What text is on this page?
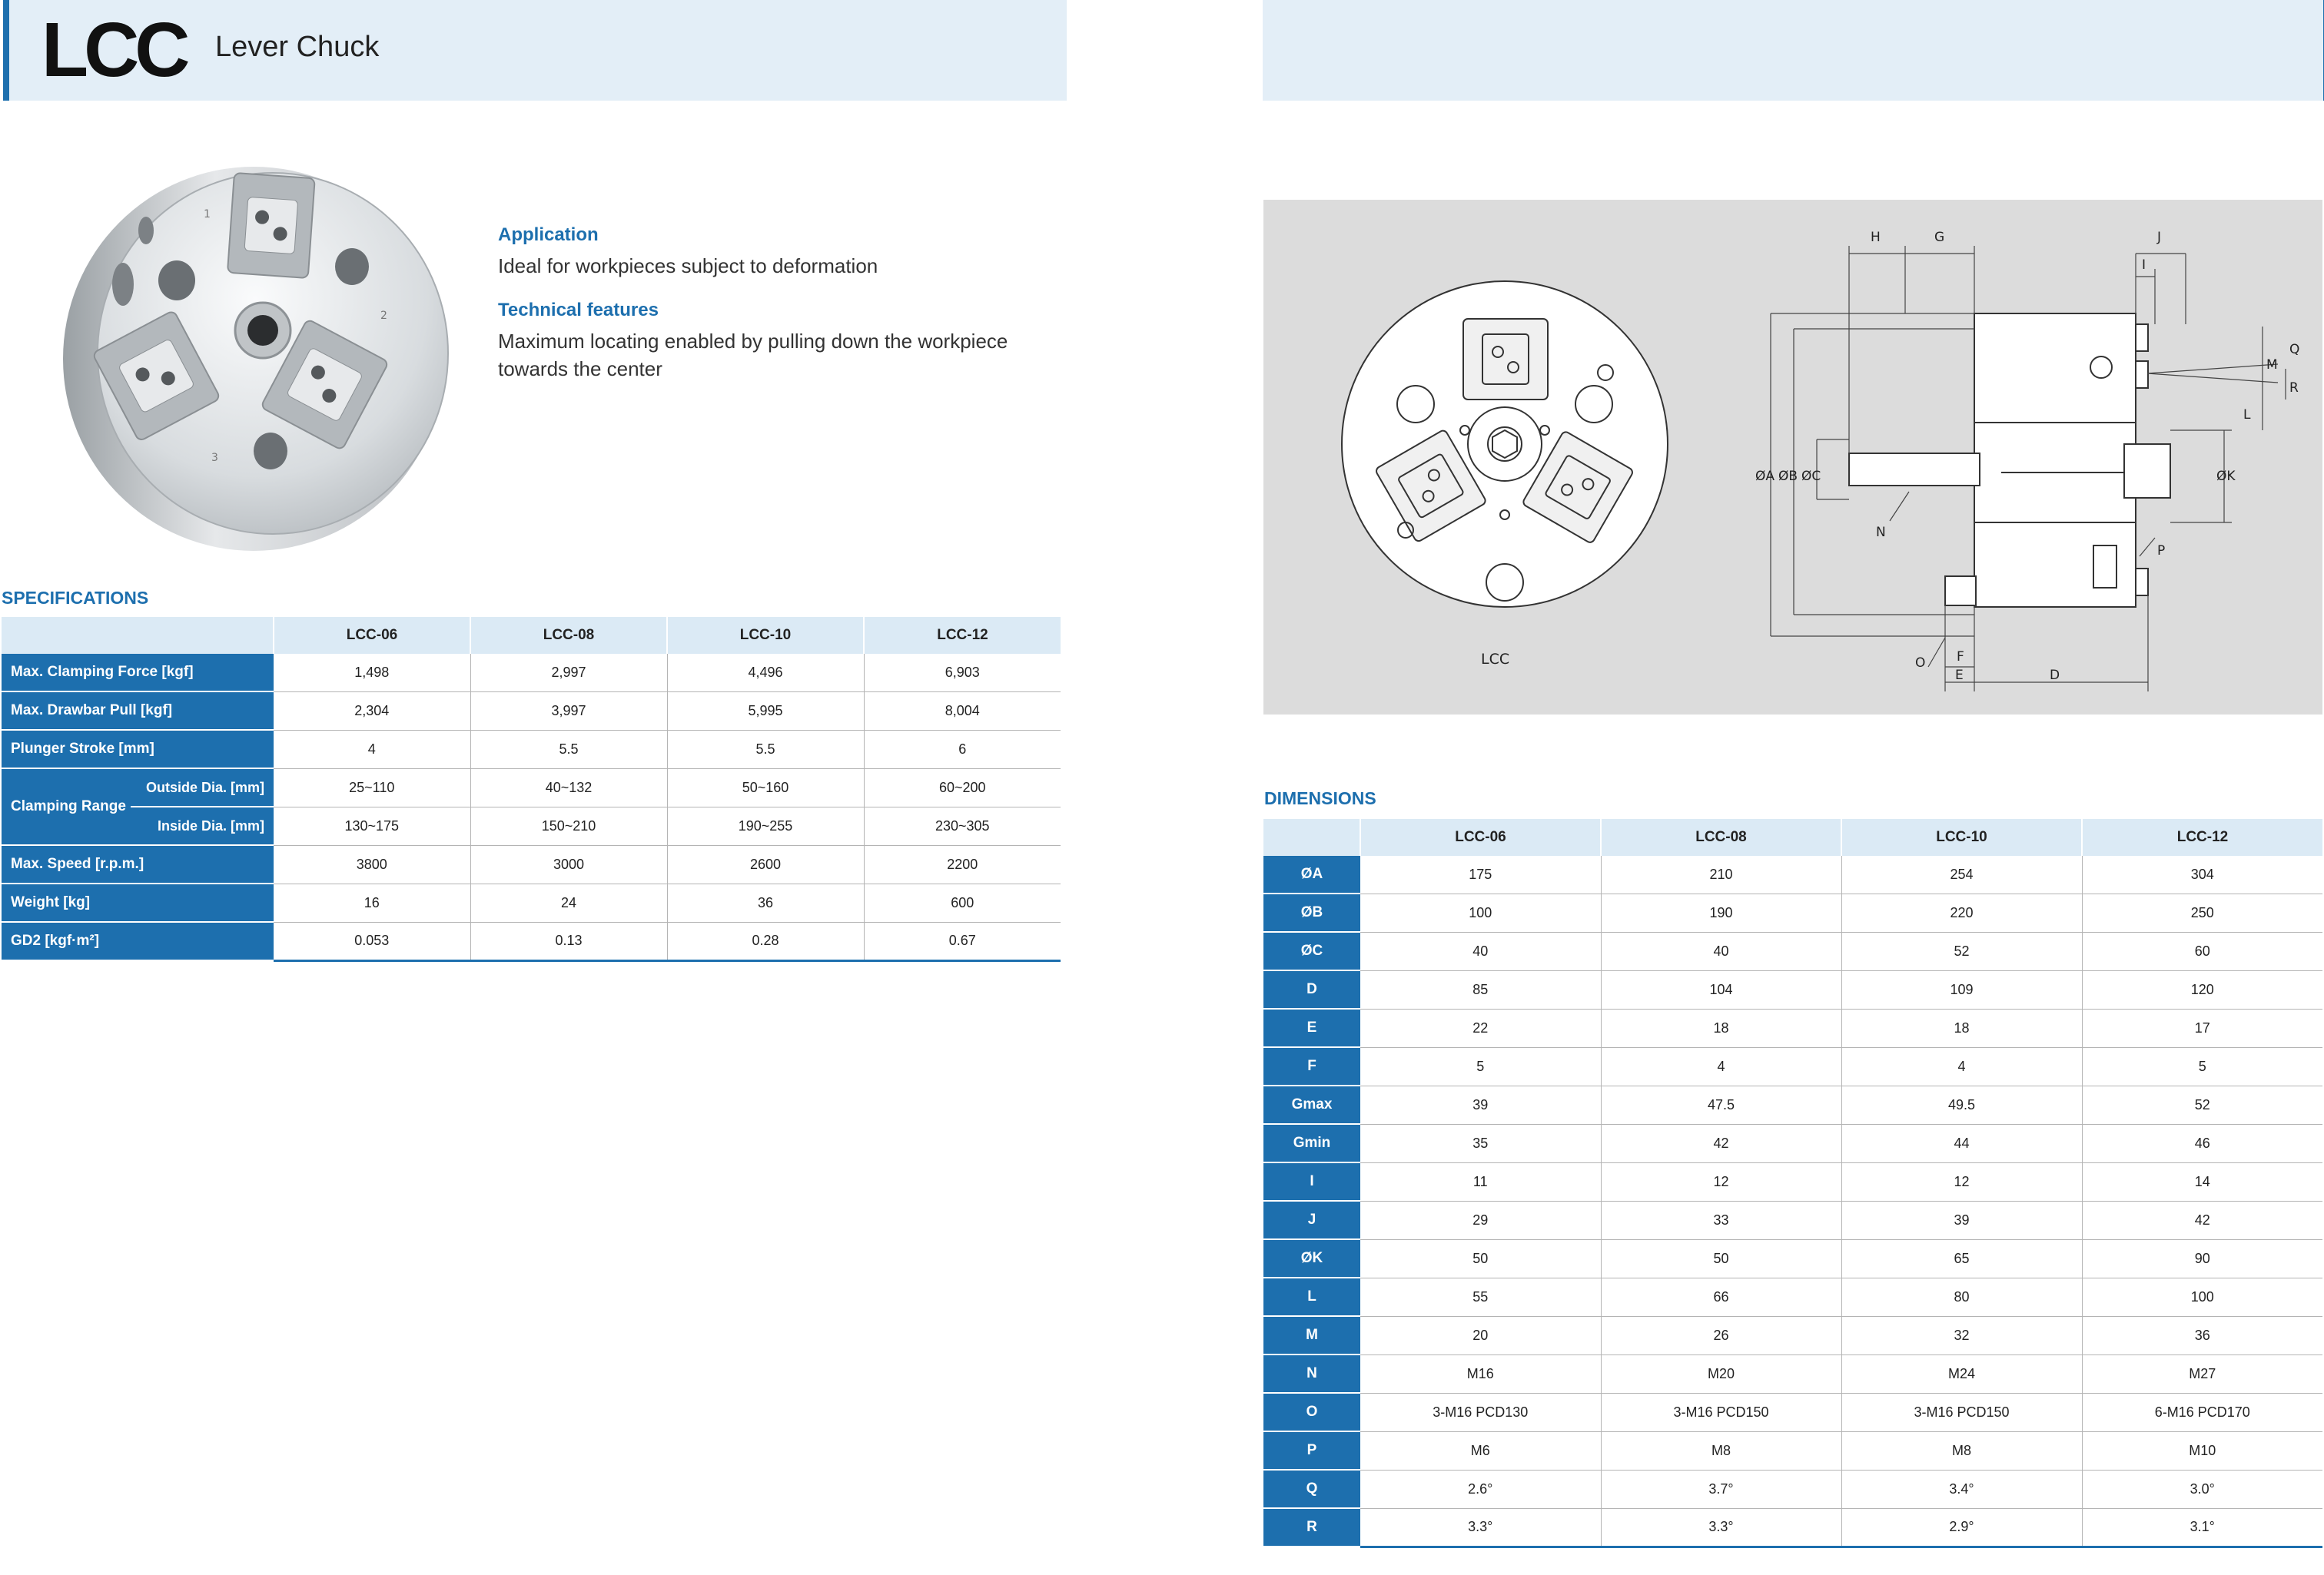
LCC Lever Chuck
1
2
3
Application
Ideal for workpieces subject to deformation
Technical features
Maximum locating enabled by pulling down the workpiece towards the center
SPECIFICATIONS
		LCC-06	LCC-08	LCC-10	LCC-12
Max. Clamping Force [kgf]		1,498	2,997	4,496	6,903
Max. Drawbar Pull [kgf]		2,304	3,997	5,995	8,004
Plunger Stroke [mm]		4	5.5	5.5	6
Clamping Range	Outside Dia. [mm]	25~110	40~132	50~160	60~200
	Inside Dia. [mm]	130~175	150~210	190~255	230~305
Max. Speed [r.p.m.]		3800	3000	2600	2200
Weight [kg]		16	24	36	600
GD2 [kgf·m²]		0.053	0.13	0.28	0.67
LCC
H	G	J
I
Q
M
R
L
ØK
ØA ØB ØC
N
P
O F
E	D
DIMENSIONS
	LCC-06	LCC-08	LCC-10	LCC-12
ØA	175	210	254	304
ØB	100	190	220	250
ØC	40	40	52	60
D	85	104	109	120
E	22	18	18	17
F	5	4	4	5
Gmax	39	47.5	49.5	52
Gmin	35	42	44	46
I	11	12	12	14
J	29	33	39	42
ØK	50	50	65	90
L	55	66	80	100
M	20	26	32	36
N	M16	M20	M24	M27
O	3-M16 PCD130	3-M16 PCD150	3-M16 PCD150	6-M16 PCD170
P	M6	M8	M8	M10
Q	2.6°	3.7°	3.4°	3.0°
R	3.3°	3.3°	2.9°	3.1°
